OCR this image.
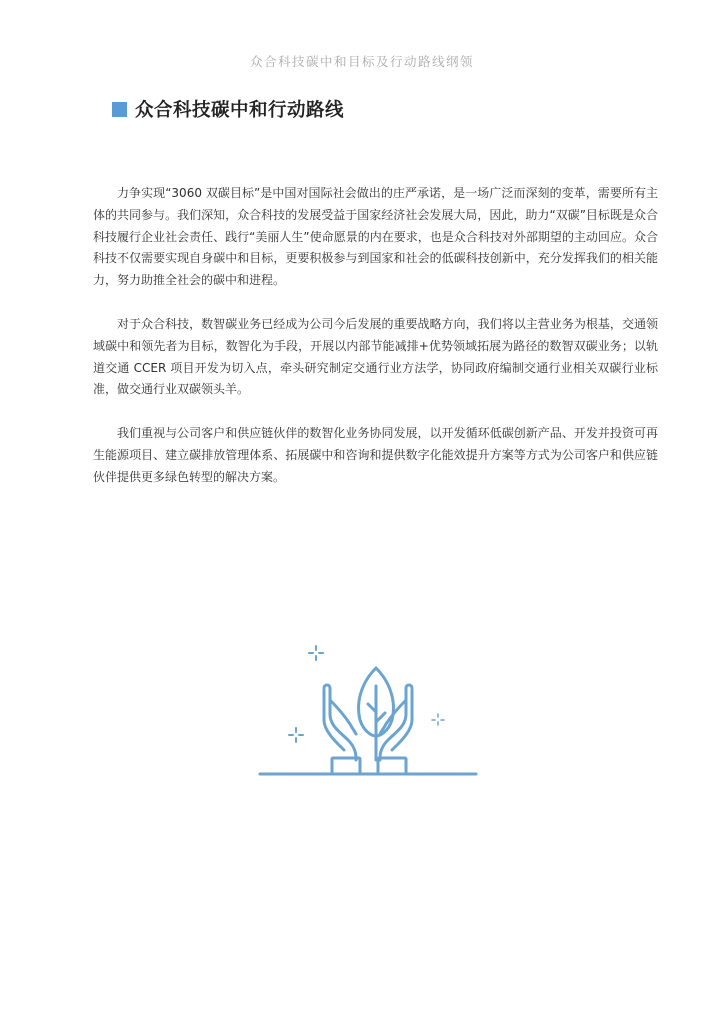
众合科技碳中和目标及行动路线纲领
众合科技碳中和行动路线

力争实现“3060 双碳目标”是中国对国际社会做出的庄严承诺，是一场广泛而深刻的变革，需要所有主体的共同参与。我们深知，众合科技的发展受益于国家经济社会发展大局，因此，助力“双碳”目标既是众合科技履行企业社会责任、践行“美丽人生”使命愿景的内在要求，也是众合科技对外部期望的主动回应。众合科技不仅需要实现自身碳中和目标，更要积极参与到国家和社会的低碳科技创新中，充分发挥我们的相关能力，努力助推全社会的碳中和进程。

对于众合科技，数智碳业务已经成为公司今后发展的重要战略方向，我们将以主营业务为根基，交通领域碳中和领先者为目标，数智化为手段，开展以内部节能减排+优势领域拓展为路径的数智双碳业务；以轨道交通 CCER 项目开发为切入点，牵头研究制定交通行业方法学，协同政府编制交通行业相关双碳行业标准，做交通行业双碳领头羊。

我们重视与公司客户和供应链伙伴的数智化业务协同发展，以开发循环低碳创新产品、开发并投资可再生能源项目、建立碳排放管理体系、拓展碳中和咨询和提供数字化能效提升方案等方式为公司客户和供应链伙伴提供更多绿色转型的解决方案。
